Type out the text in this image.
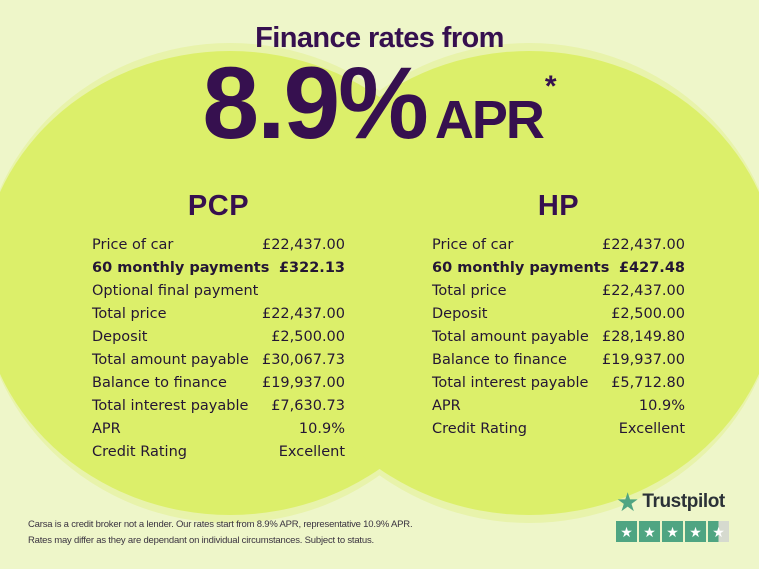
Finance rates from
8.9% APR*
PCP
Price of car	£22,437.00
60 monthly payments £322.13
Optional final payment
Total price	£22,437.00
Deposit	£2,500.00
Total amount payable £30,067.73
Balance to finance £19,937.00
Total interest payable £7,630.73
APR	10.9%
Credit Rating	Excellent
HP
Price of car	£22,437.00
60 monthly payments £427.48
Total price	£22,437.00
Deposit	£2,500.00
Total amount payable £28,149.80
Balance to finance £19,937.00
Total interest payable £5,712.80
APR	10.9%
Credit Rating	Excellent
Carsa is a credit broker not a lender. Our rates start from 8.9% APR, representative 10.9% APR.
Rates may differ as they are dependant on individual circumstances. Subject to status.
★ Trustpilot
★ ★ ★ ★ ★
